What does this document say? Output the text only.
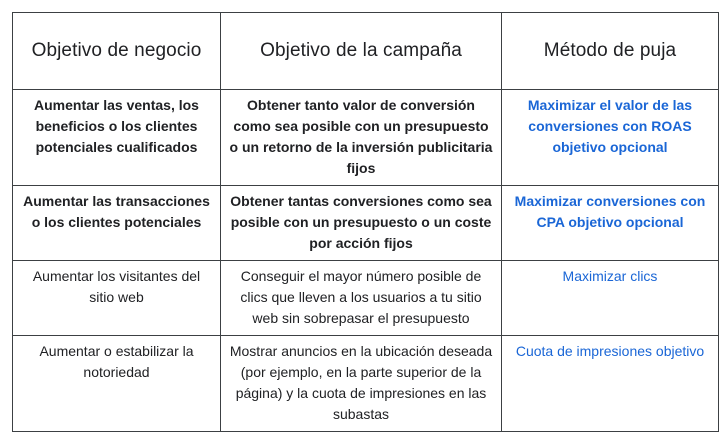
Objetivo de negocio	Objetivo de la campaña	Método de puja
Aumentar las ventas, los beneficios o los clientes potenciales cualificados	Obtener tanto valor de conversión como sea posible con un presupuesto o un retorno de la inversión publicitaria fijos	Maximizar el valor de las conversiones con ROAS objetivo opcional
Aumentar las transacciones o los clientes potenciales	Obtener tantas conversiones como sea posible con un presupuesto o un coste por acción fijos	Maximizar conversiones con CPA objetivo opcional
Aumentar los visitantes del sitio web	Conseguir el mayor número posible de clics que lleven a los usuarios a tu sitio web sin sobrepasar el presupuesto	Maximizar clics
Aumentar o estabilizar la notoriedad	Mostrar anuncios en la ubicación deseada (por ejemplo, en la parte superior de la página) y la cuota de impresiones en las subastas	Cuota de impresiones objetivo
